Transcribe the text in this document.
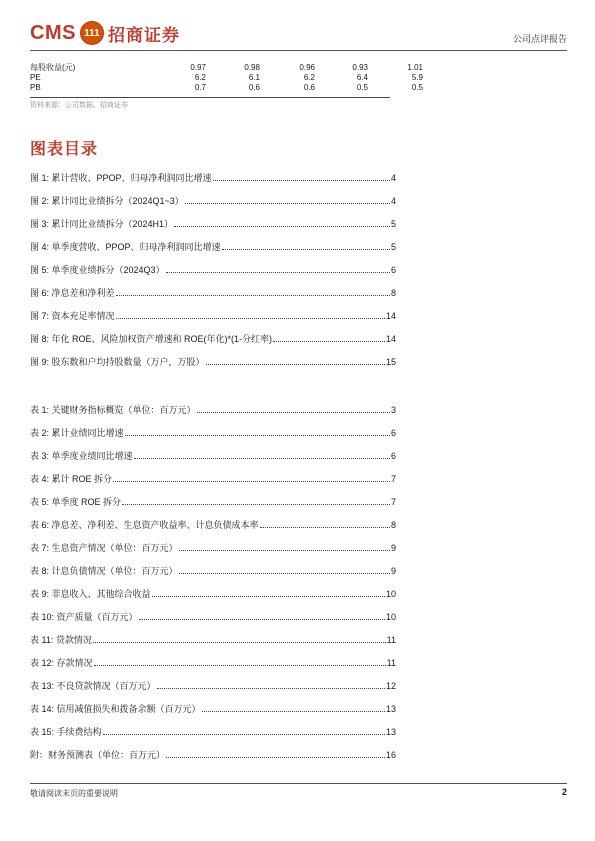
CMS 111 招商证券	公司点评报告
每股收益(元)	0.97	0.98	0.96	0.93	1.01
PE	6.2	6.1	6.2	6.4	5.9
PB	0.7	0.6	0.6	0.5	0.5
资料来源：公司数据、招商证券
图表目录
图 1: 累计营收、PPOP、归母净利润同比增速	4
图 2: 累计同比业绩拆分（2024Q1~3）	4
图 3: 累计同比业绩拆分（2024H1）	5
图 4: 单季度营收、PPOP、归母净利润同比增速	5
图 5: 单季度业绩拆分（2024Q3）	6
图 6: 净息差和净利差	8
图 7: 资本充足率情况	14
图 8: 年化 ROE、风险加权资产增速和 ROE(年化)*(1-分红率)	14
图 9: 股东数和户均持股数量（万户，万股）	15
表 1: 关键财务指标概览（单位：百万元）	3
表 2: 累计业绩同比增速	6
表 3: 单季度业绩同比增速	6
表 4: 累计 ROE 拆分	7
表 5: 单季度 ROE 拆分	7
表 6: 净息差、净利差、生息资产收益率、计息负债成本率	8
表 7: 生息资产情况（单位：百万元）	9
表 8: 计息负债情况（单位：百万元）	9
表 9: 非息收入、其他综合收益	10
表 10: 资产质量（百万元）	10
表 11: 贷款情况	11
表 12: 存款情况	11
表 13: 不良贷款情况（百万元）	12
表 14: 信用减值损失和拨备余额（百万元）	13
表 15: 手续费结构	13
附：财务预测表（单位：百万元）	16
敬请阅读末页的重要说明	2
